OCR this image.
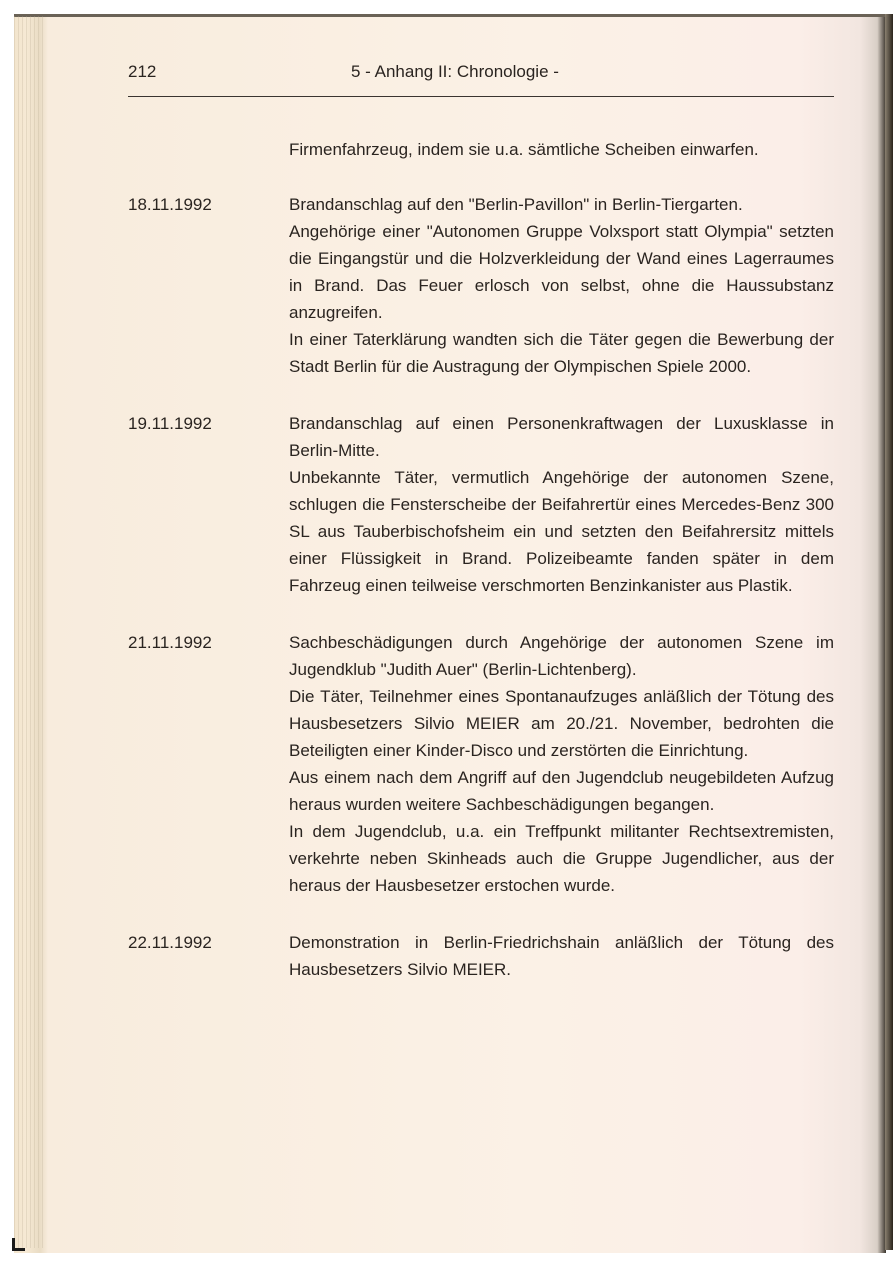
212	5 - Anhang II: Chronologie -

Firmenfahrzeug, indem sie u.a. sämtliche Scheiben einwarfen.

18.11.1992	Brandanschlag auf den "Berlin-Pavillon" in Berlin-Tiergarten.

Angehörige einer "Autonomen Gruppe Volxsport statt Olympia" setzten die Eingangstür und die Holzverkleidung der Wand eines Lagerraumes in Brand. Das Feuer erlosch von selbst, ohne die Haussubstanz anzugreifen.

In einer Taterklärung wandten sich die Täter gegen die Bewerbung der Stadt Berlin für die Austragung der Olympischen Spiele 2000.

19.11.1992	Brandanschlag auf einen Personenkraftwagen der Luxusklasse in Berlin-Mitte.

Unbekannte Täter, vermutlich Angehörige der autonomen Szene, schlugen die Fensterscheibe der Beifahrertür eines Mercedes-Benz 300 SL aus Tauberbischofsheim ein und setzten den Beifahrersitz mittels einer Flüssigkeit in Brand. Polizeibeamte fanden später in dem Fahrzeug einen teilweise verschmorten Benzinkanister aus Plastik.

21.11.1992	Sachbeschädigungen durch Angehörige der autonomen Szene im Jugendklub "Judith Auer" (Berlin-Lichtenberg).

Die Täter, Teilnehmer eines Spontanaufzuges anläßlich der Tötung des Hausbesetzers Silvio MEIER am 20./21. November, bedrohten die Beteiligten einer Kinder-Disco und zerstörten die Einrichtung.

Aus einem nach dem Angriff auf den Jugendclub neugebildeten Aufzug heraus wurden weitere Sachbeschädigungen begangen.

In dem Jugendclub, u.a. ein Treffpunkt militanter Rechtsextremisten, verkehrte neben Skinheads auch die Gruppe Jugendlicher, aus der heraus der Hausbesetzer erstochen wurde.

22.11.1992	Demonstration in Berlin-Friedrichshain anläßlich der Tötung des Hausbesetzers Silvio MEIER.
